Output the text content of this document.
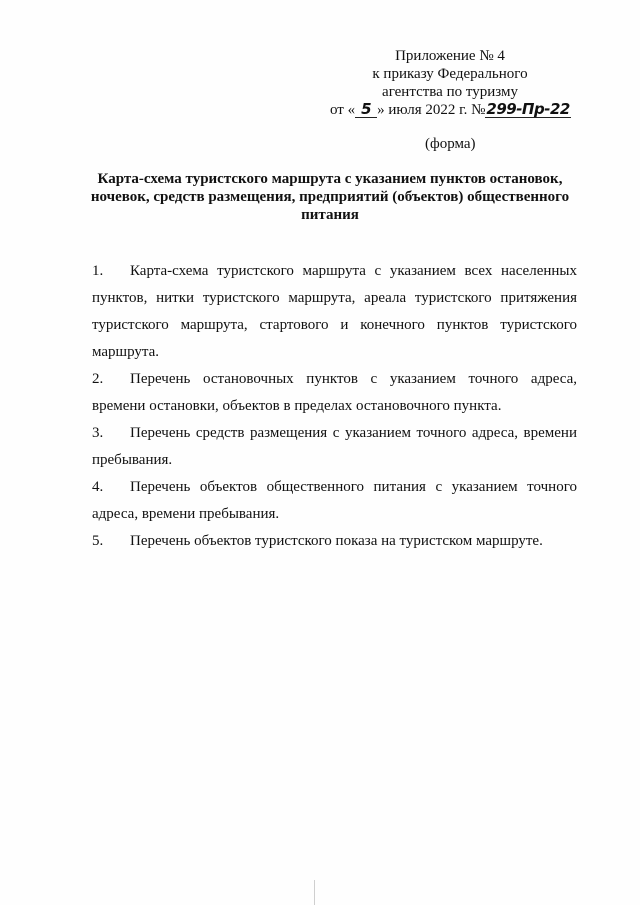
Приложение № 4
к приказу Федерального
агентства по туризму
от « 5 » июля 2022 г. №299-Пр-22
(форма)
Карта-схема туристского маршрута с указанием пунктов остановок, ночевок, средств размещения, предприятий (объектов) общественного питания

1. Карта-схема туристского маршрута с указанием всех населенных пунктов, нитки туристского маршрута, ареала туристского притяжения туристского маршрута, стартового и конечного пунктов туристского маршрута.

2. Перечень остановочных пунктов с указанием точного адреса, времени остановки, объектов в пределах остановочного пункта.

3. Перечень средств размещения с указанием точного адреса, времени пребывания.

4. Перечень объектов общественного питания с указанием точного адреса, времени пребывания.

5. Перечень объектов туристского показа на туристском маршруте.
